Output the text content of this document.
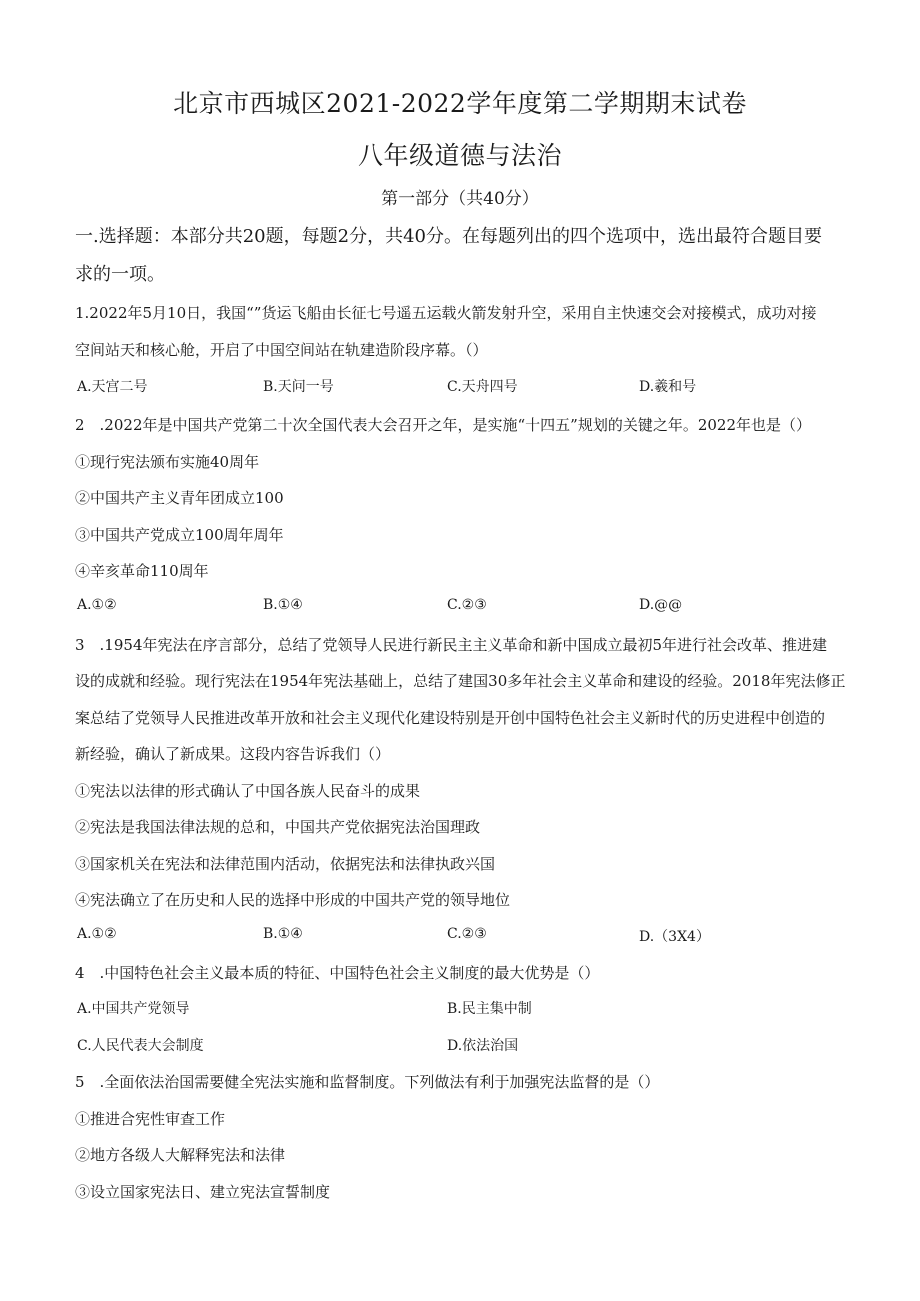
北京市西城区2021-2022学年度第二学期期末试卷
八年级道德与法治
第一部分（共40分）
一.选择题：本部分共20题，每题2分，共40分。在每题列出的四个选项中，选出最符合题目要
求的一项。
1.2022年5月10日，我国“”货运飞船由长征七号遥五运载火箭发射升空，采用自主快速交会对接模式，成功对接
空间站天和核心舱，开启了中国空间站在轨建造阶段序幕。（）
A.天宫二号	B.天问一号	C.天舟四号	D.羲和号
2　.2022年是中国共产党第二十次全国代表大会召开之年，是实施“十四五”规划的关键之年。2022年也是（）
①现行宪法颁布实施40周年
②中国共产主义青年团成立100
③中国共产党成立100周年周年
④辛亥革命110周年
A.①②	B.①④	C.②③	D.@@
3　.1954年宪法在序言部分，总结了党领导人民进行新民主主义革命和新中国成立最初5年进行社会改革、推进建
设的成就和经验。现行宪法在1954年宪法基础上，总结了建国30多年社会主义革命和建设的经验。2018年宪法修正
案总结了党领导人民推进改革开放和社会主义现代化建设特别是开创中国特色社会主义新时代的历史进程中创造的
新经验，确认了新成果。这段内容告诉我们（）
①宪法以法律的形式确认了中国各族人民奋斗的成果
②宪法是我国法律法规的总和，中国共产党依据宪法治国理政
③国家机关在宪法和法律范围内活动，依据宪法和法律执政兴国
④宪法确立了在历史和人民的选择中形成的中国共产党的领导地位
A.①②	B.①④	C.②③	D.（3X4）
4　.中国特色社会主义最本质的特征、中国特色社会主义制度的最大优势是（）
A.中国共产党领导	B.民主集中制
C.人民代表大会制度	D.依法治国
5　.全面依法治国需要健全宪法实施和监督制度。下列做法有利于加强宪法监督的是（）
①推进合宪性审查工作
②地方各级人大解释宪法和法律
③设立国家宪法日、建立宪法宣誓制度
